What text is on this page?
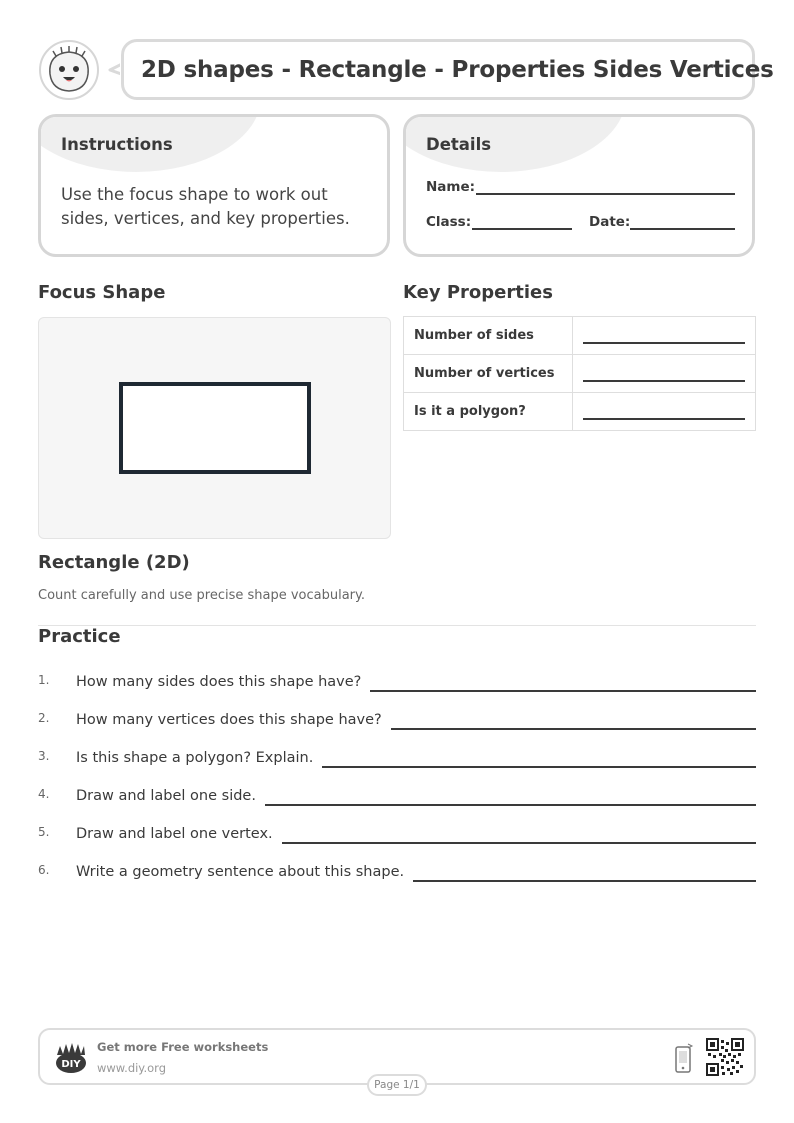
2D shapes - Rectangle - Properties Sides Vertices
Instructions
Use the focus shape to work out sides, vertices, and key properties.
Details
Name:
Class:	Date:
Focus Shape	Key Properties
Number of sides	

Number of vertices	

Is it a polygon?	
Rectangle (2D)
Count carefully and use precise shape vocabulary.
Practice
1.	How many sides does this shape have?
2.	How many vertices does this shape have?
3.	Is this shape a polygon? Explain.
4.	Draw and label one side.
5.	Draw and label one vertex.
6.	Write a geometry sentence about this shape.
DIY
Get more Free worksheets
www.diy.org
Page 1/1
